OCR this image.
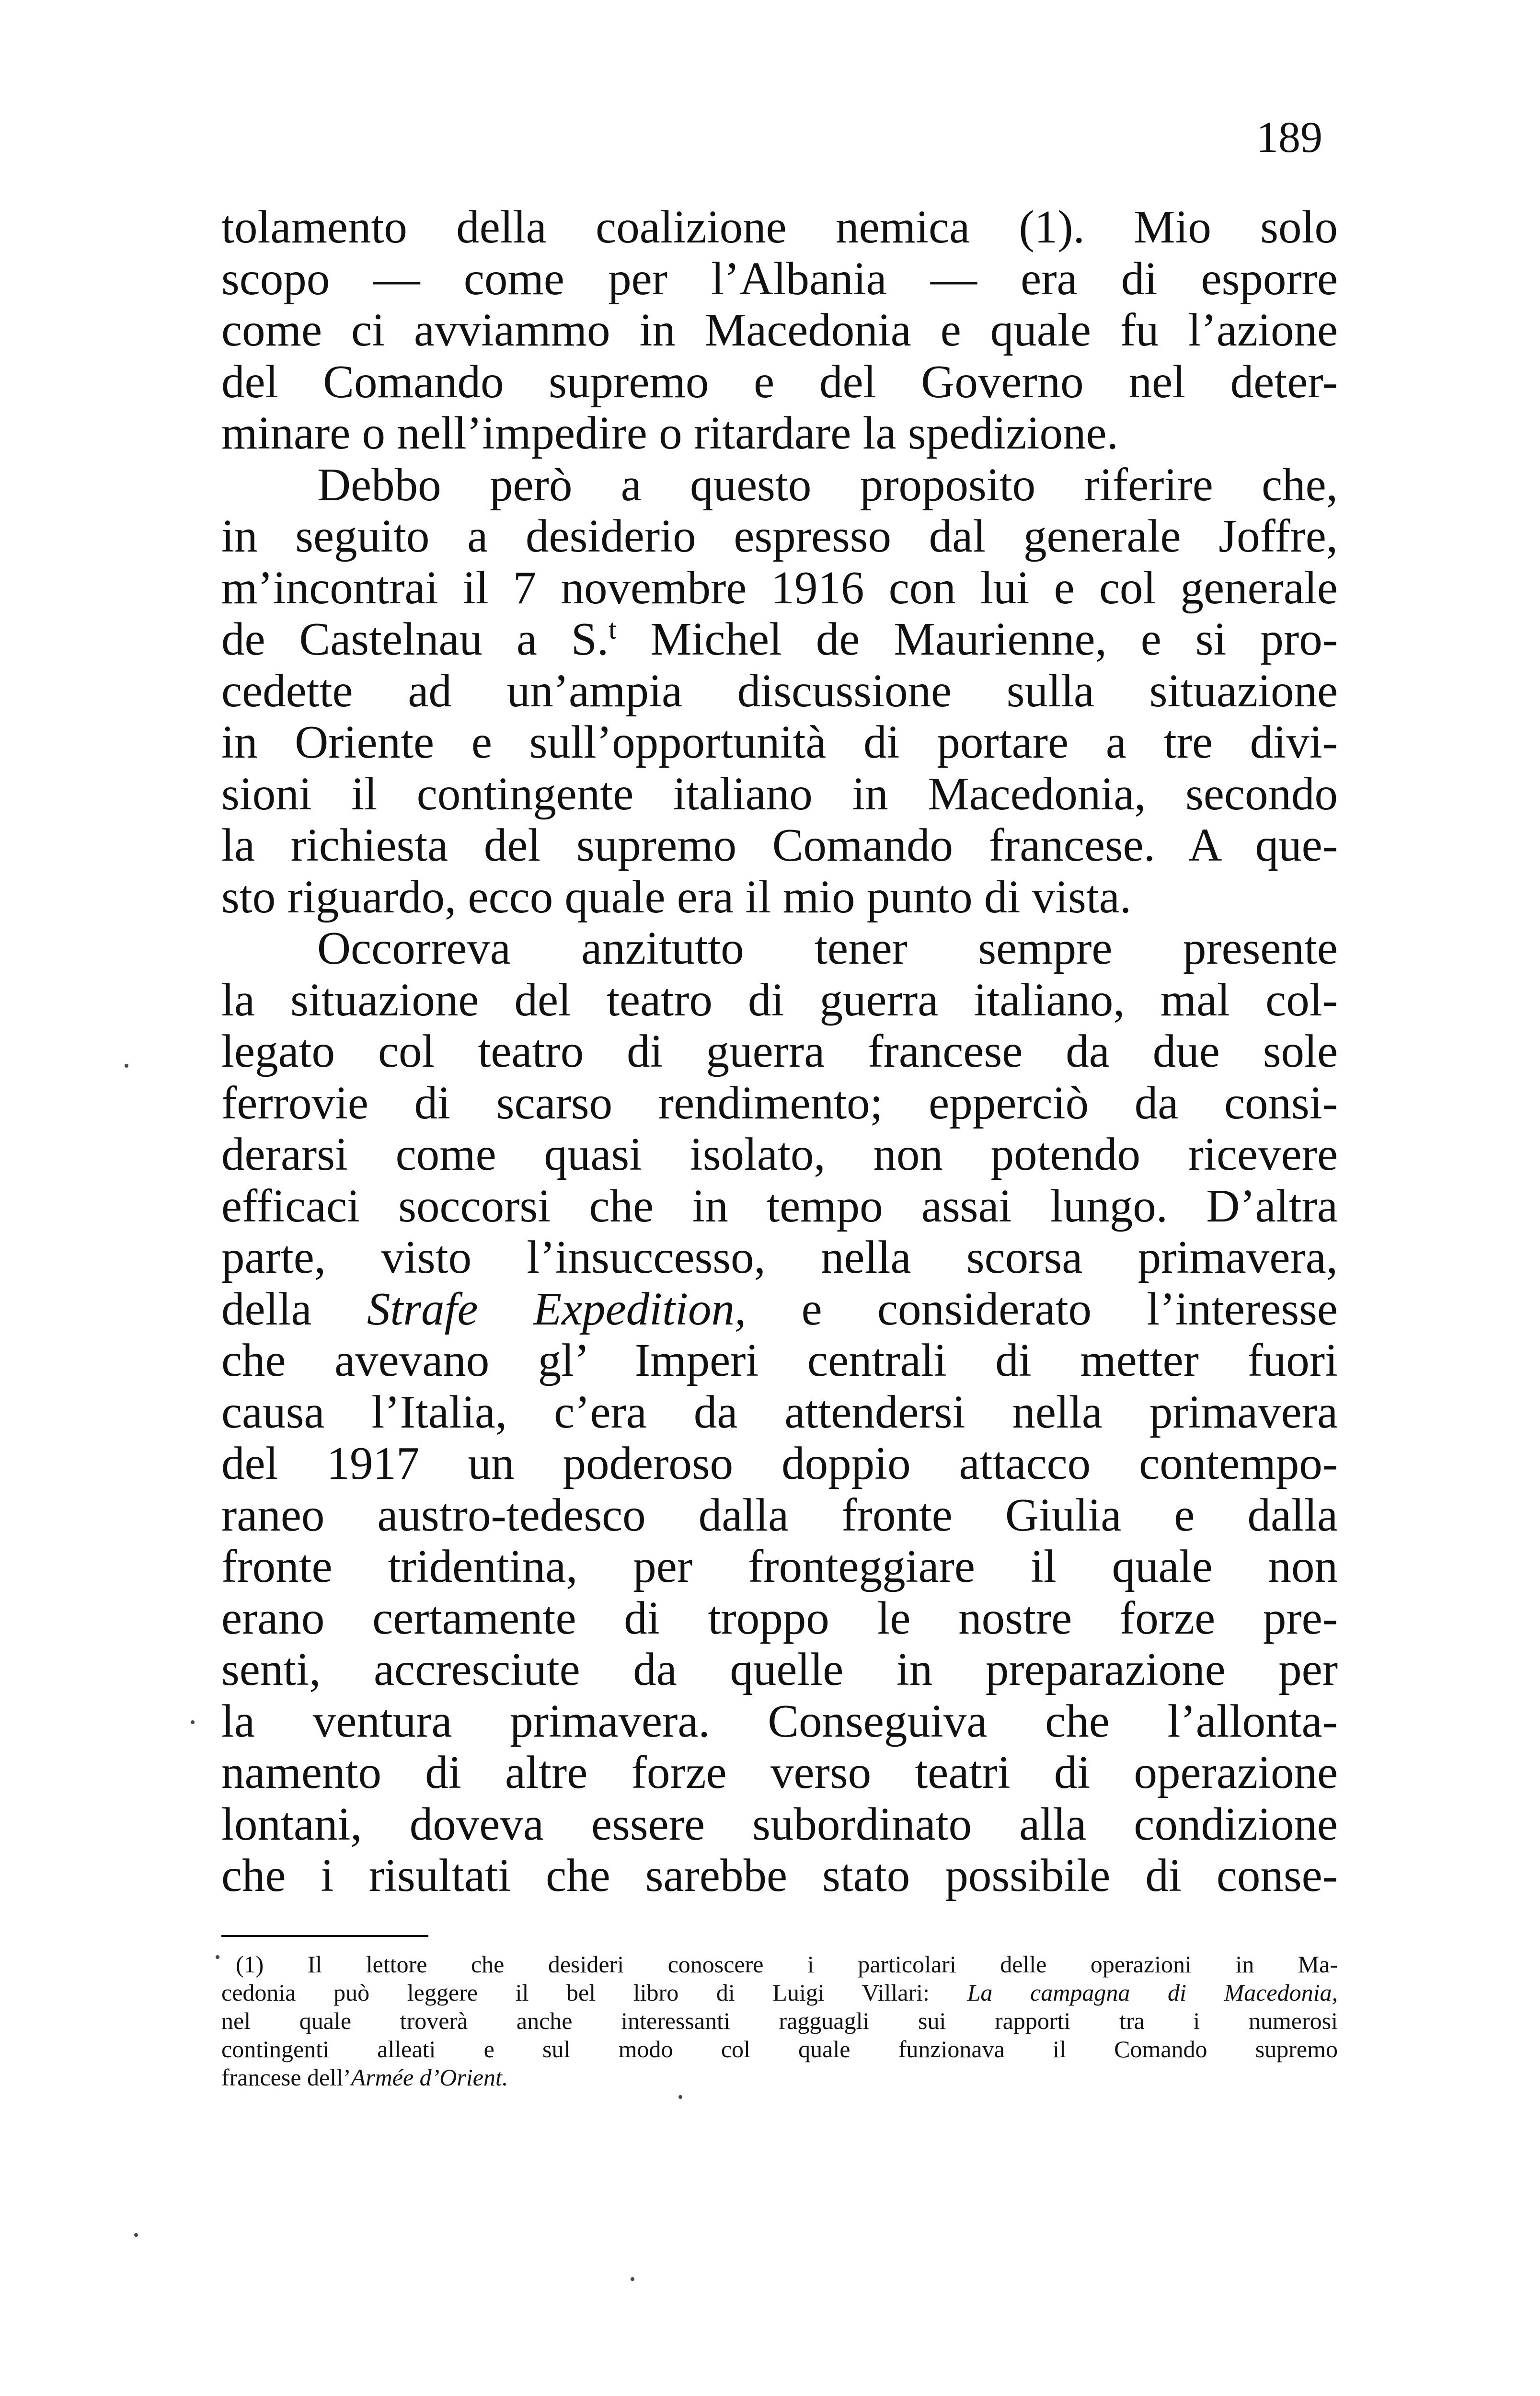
189
tolamento della coalizione nemica (1). Mio solo
scopo — come per l’Albania — era di esporre
come ci avviammo in Macedonia e quale fu l’azione
del Comando supremo e del Governo nel deter-
minare o nell’impedire o ritardare la spedizione.
Debbo però a questo proposito riferire che,
in seguito a desiderio espresso dal generale Joffre,
m’incontrai il 7 novembre 1916 con lui e col generale
de Castelnau a S.$^t$ Michel de Maurienne, e si pro-
cedette ad un’ampia discussione sulla situazione
in Oriente e sull’opportunità di portare a tre divi-
sioni il contingente italiano in Macedonia, secondo
la richiesta del supremo Comando francese. A que-
sto riguardo, ecco quale era il mio punto di vista.
Occorreva anzitutto tener sempre presente
la situazione del teatro di guerra italiano, mal col-
legato col teatro di guerra francese da due sole
ferrovie di scarso rendimento; epperciò da consi-
derarsi come quasi isolato, non potendo ricevere
efficaci soccorsi che in tempo assai lungo. D’altra
parte, visto l’insuccesso, nella scorsa primavera,
della Strafe Expedition, e considerato l’interesse
che avevano gl’ Imperi centrali di metter fuori
causa l’Italia, c’era da attendersi nella primavera
del 1917 un poderoso doppio attacco contempo-
raneo austro-tedesco dalla fronte Giulia e dalla
fronte tridentina, per fronteggiare il quale non
erano certamente di troppo le nostre forze pre-
senti, accresciute da quelle in preparazione per
la ventura primavera. Conseguiva che l’allonta-
namento di altre forze verso teatri di operazione
lontani, doveva essere subordinato alla condizione
che i risultati che sarebbe stato possibile di conse-
(1) Il lettore che desideri conoscere i particolari delle operazioni in Ma-
cedonia può leggere il bel libro di Luigi Villari: La campagna di Macedonia,
nel quale troverà anche interessanti ragguagli sui rapporti tra i numerosi
contingenti alleati e sul modo col quale funzionava il Comando supremo
francese dell’Armée d’Orient.
